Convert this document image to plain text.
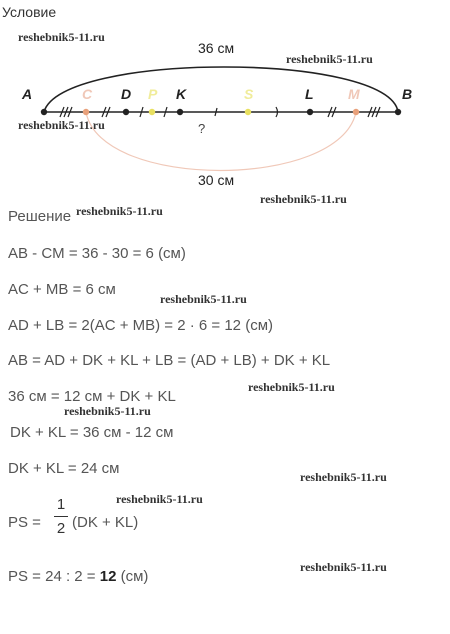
Условие
reshebnik5-11.ru
reshebnik5-11.ru
reshebnik5-11.ru
reshebnik5-11.ru
reshebnik5-11.ru
reshebnik5-11.ru
reshebnik5-11.ru
reshebnik5-11.ru
reshebnik5-11.ru
reshebnik5-11.ru
reshebnik5-11.ru
36 см
30 см
?
A	C D P K	S	L M	B
Решение
AB - CM = 36 - 30 = 6 (см)
AC + MB = 6 см
AD + LB = 2(AC + MB) = 2 · 6 = 12 (см)
AB = AD + DK + KL + LB = (AD + LB) + DK + KL
36 см = 12 см + DK + KL
DK + KL = 36 см - 12 см
DK + KL = 24 см
PS =
1
2 (DK + KL)
PS = 24 : 2 = 12 (см)
